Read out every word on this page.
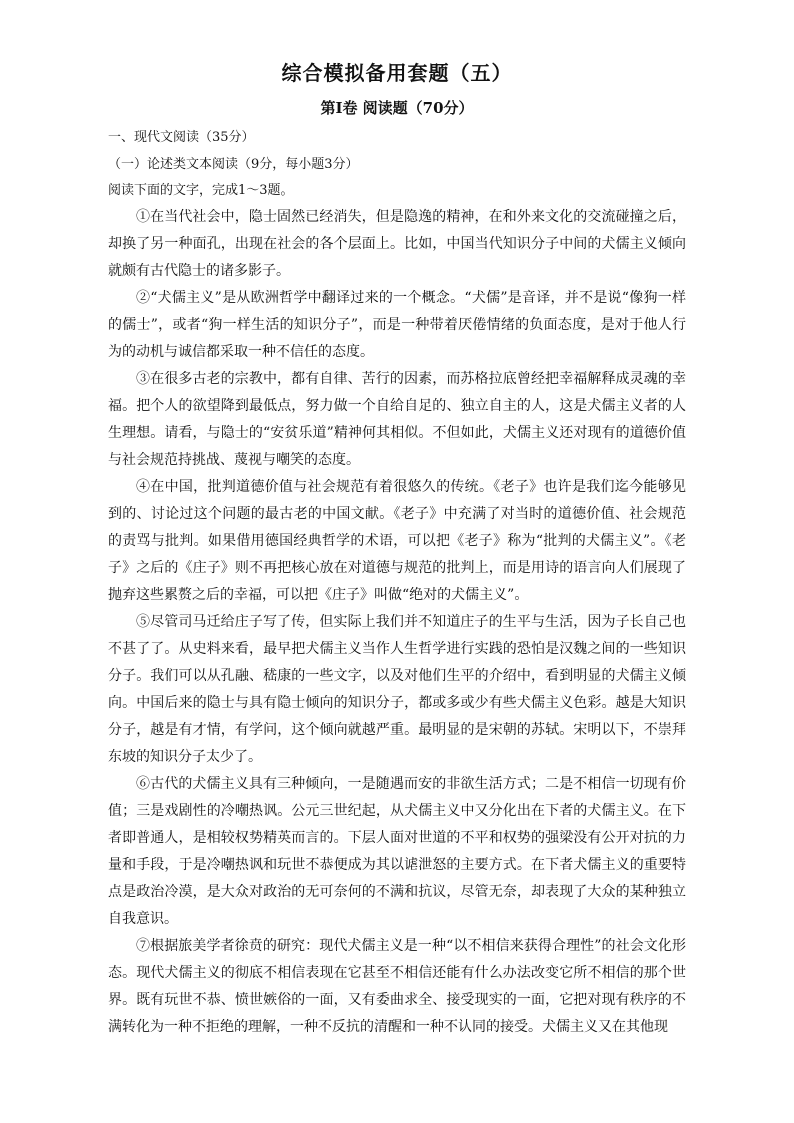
综合模拟备用套题（五）
第Ⅰ卷 阅读题（70分）
一、现代文阅读（35分）
（一）论述类文本阅读（9分，每小题3分）
阅读下面的文字，完成1～3题。

①在当代社会中，隐士固然已经消失，但是隐逸的精神，在和外来文化的交流碰撞之后，却换了另一种面孔，出现在社会的各个层面上。比如，中国当代知识分子中间的犬儒主义倾向就颇有古代隐士的诸多影子。

②“犬儒主义”是从欧洲哲学中翻译过来的一个概念。“犬儒”是音译，并不是说“像狗一样的儒士”，或者“狗一样生活的知识分子”，而是一种带着厌倦情绪的负面态度，是对于他人行为的动机与诚信都采取一种不信任的态度。

③在很多古老的宗教中，都有自律、苦行的因素，而苏格拉底曾经把幸福解释成灵魂的幸福。把个人的欲望降到最低点，努力做一个自给自足的、独立自主的人，这是犬儒主义者的人生理想。请看，与隐士的“安贫乐道”精神何其相似。不但如此，犬儒主义还对现有的道德价值与社会规范持挑战、蔑视与嘲笑的态度。

④在中国，批判道德价值与社会规范有着很悠久的传统。《老子》也许是我们迄今能够见到的、讨论过这个问题的最古老的中国文献。《老子》中充满了对当时的道德价值、社会规范的责骂与批判。如果借用德国经典哲学的术语，可以把《老子》称为“批判的犬儒主义”。《老子》之后的《庄子》则不再把核心放在对道德与规范的批判上，而是用诗的语言向人们展现了抛弃这些累赘之后的幸福，可以把《庄子》叫做“绝对的犬儒主义”。

⑤尽管司马迁给庄子写了传，但实际上我们并不知道庄子的生平与生活，因为子长自己也不甚了了。从史料来看，最早把犬儒主义当作人生哲学进行实践的恐怕是汉魏之间的一些知识分子。我们可以从孔融、嵇康的一些文字，以及对他们生平的介绍中，看到明显的犬儒主义倾向。中国后来的隐士与具有隐士倾向的知识分子，都或多或少有些犬儒主义色彩。越是大知识分子，越是有才情，有学问，这个倾向就越严重。最明显的是宋朝的苏轼。宋明以下，不崇拜东坡的知识分子太少了。

⑥古代的犬儒主义具有三种倾向，一是随遇而安的非欲生活方式；二是不相信一切现有价值；三是戏剧性的冷嘲热讽。公元三世纪起，从犬儒主义中又分化出在下者的犬儒主义。在下者即普通人，是相较权势精英而言的。下层人面对世道的不平和权势的强梁没有公开对抗的力量和手段，于是冷嘲热讽和玩世不恭便成为其以谑泄怒的主要方式。在下者犬儒主义的重要特点是政治冷漠，是大众对政治的无可奈何的不满和抗议，尽管无奈，却表现了大众的某种独立自我意识。

⑦根据旅美学者徐贲的研究：现代犬儒主义是一种“以不相信来获得合理性”的社会文化形态。现代犬儒主义的彻底不相信表现在它甚至不相信还能有什么办法改变它所不相信的那个世界。既有玩世不恭、愤世嫉俗的一面，又有委曲求全、接受现实的一面，它把对现有秩序的不满转化为一种不拒绝的理解，一种不反抗的清醒和一种不认同的接受。犬儒主义又在其他现
